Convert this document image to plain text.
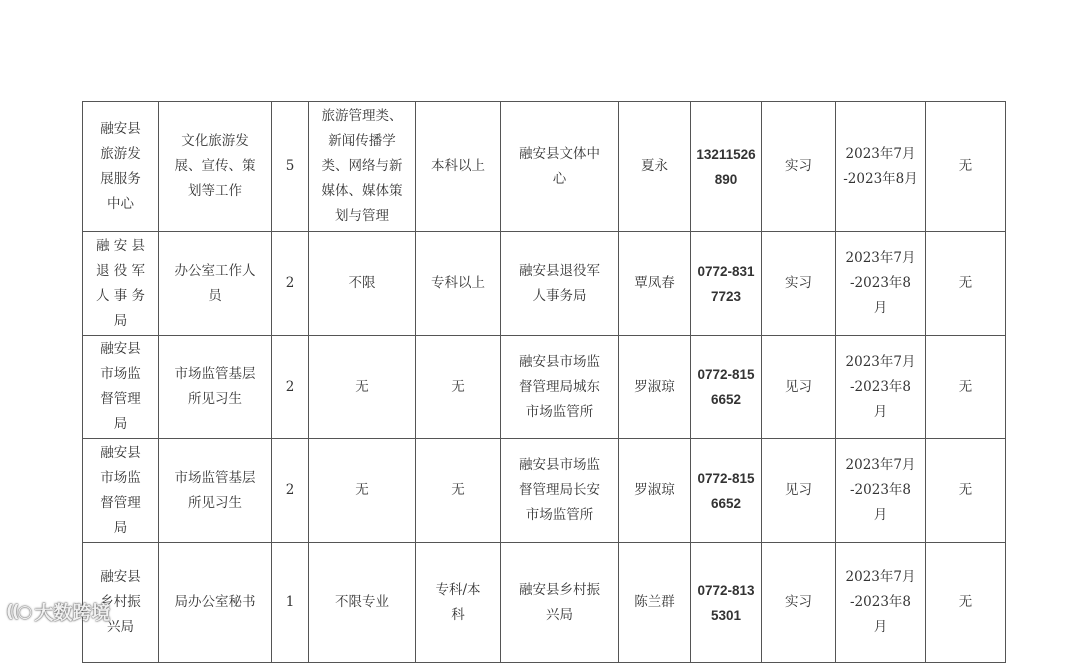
融安县
旅游发
展服务
中心	文化旅游发
展、宣传、策
划等工作	5	旅游管理类、
新闻传播学
类、网络与新
媒体、媒体策
划与管理	本科以上	融安县文体中
心	夏永	13211526
890	实习	2023年7月
-2023年8月	无
融 安 县
退 役 军
人 事 务
局	办公室工作人
员	2	不限	专科以上	融安县退役军
人事务局	覃凤春	0772-831
7723	实习	2023年7月
-2023年8
月	无
融安县
市场监
督管理
局	市场监管基层
所见习生	2	无	无	融安县市场监
督管理局城东
市场监管所	罗淑琼	0772-815
6652	见习	2023年7月
-2023年8
月	无
融安县
市场监
督管理
局	市场监管基层
所见习生	2	无	无	融安县市场监
督管理局长安
市场监管所	罗淑琼	0772-815
6652	见习	2023年7月
-2023年8
月	无
融安县
乡村振
兴局	局办公室秘书	1	不限专业	专科/本
科	融安县乡村振
兴局	陈兰群	0772-813
5301	实习	2023年7月
-2023年8
月	无
((○ 大数跨境
